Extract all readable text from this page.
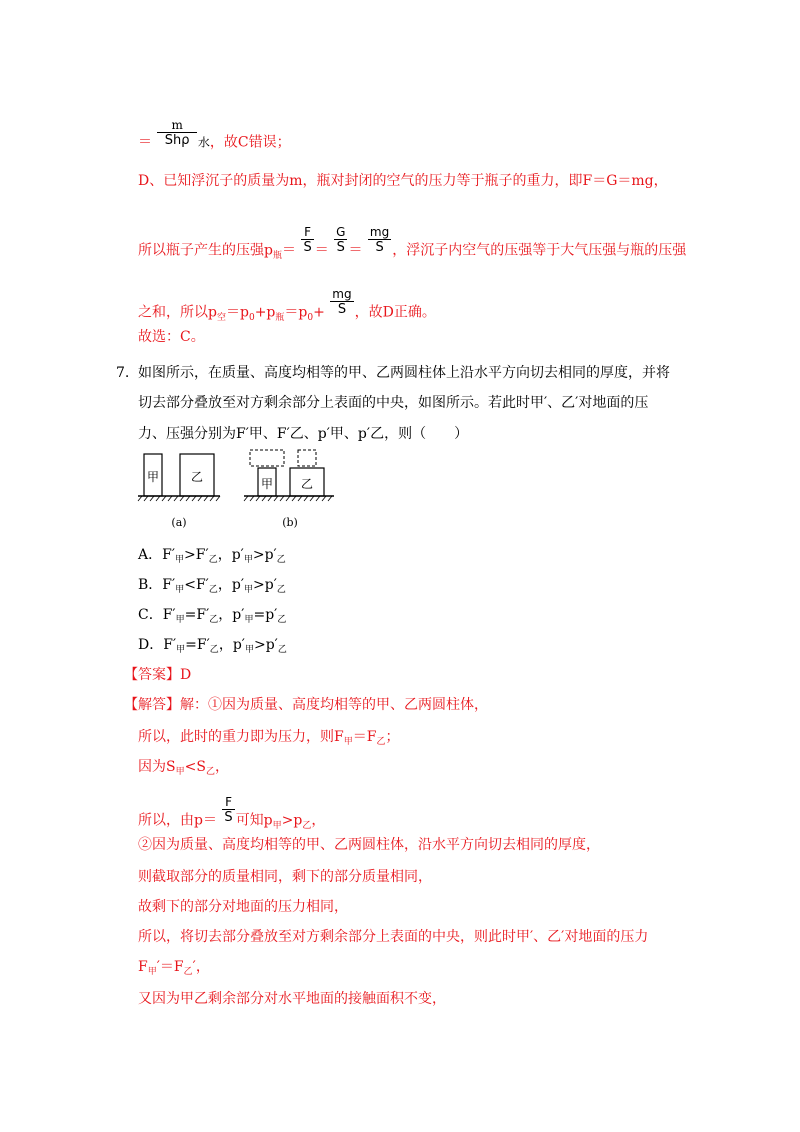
＝ $\frac{m}{\text{Shρ}}$ 水，故C错误；
D、已知浮沉子的质量为m，瓶对封闭的空气的压力等于瓶子的重力，即F＝G＝mg，
所以瓶子产生的压强$p_瓶= \frac{F}{S} = \frac{G}{S} = \frac{mg}{S}$ ，浮沉子内空气的压强等于大气压强与瓶的压强
之和，所以$p_空=p_0+p_瓶=p_0+ \frac{mg}{S}$ ，故D正确。
故选：C。
7. 如图所示，在质量、高度均相等的甲、乙两圆柱体上沿水平方向切去相同的厚度，并将
切去部分叠放至对方剩余部分上表面的中央，如图所示。若此时甲′、乙′对地面的压
力、压强分别为F′甲、F′乙、p′甲、p′乙，则（　　）
甲	乙
(a)
甲 乙
(b)
A．$F'_甲>F'_乙$，$p'_甲>p'_乙$
B．$F'_甲<F'_乙$，$p'_甲>p'_乙$
C．$F'_甲=F'_乙$，$p'_甲=p'_乙$
D．$F'_甲=F'_乙$，$p'_甲>p'_乙$
【答案】D
【解答】解：①因为质量、高度均相等的甲、乙两圆柱体，
所以，此时的重力即为压力，则$F_甲=F_乙$；
因为$S_甲<S_乙$，
所以，由$p= \frac{F}{S}$ 可知$p_甲>p_乙$，
②因为质量、高度均相等的甲、乙两圆柱体，沿水平方向切去相同的厚度，
则截取部分的质量相同，剩下的部分质量相同，
故剩下的部分对地面的压力相同，
所以，将切去部分叠放至对方剩余部分上表面的中央，则此时甲′、乙′对地面的压力
$F_甲'=F_乙'$，
又因为甲乙剩余部分对水平地面的接触面积不变，
